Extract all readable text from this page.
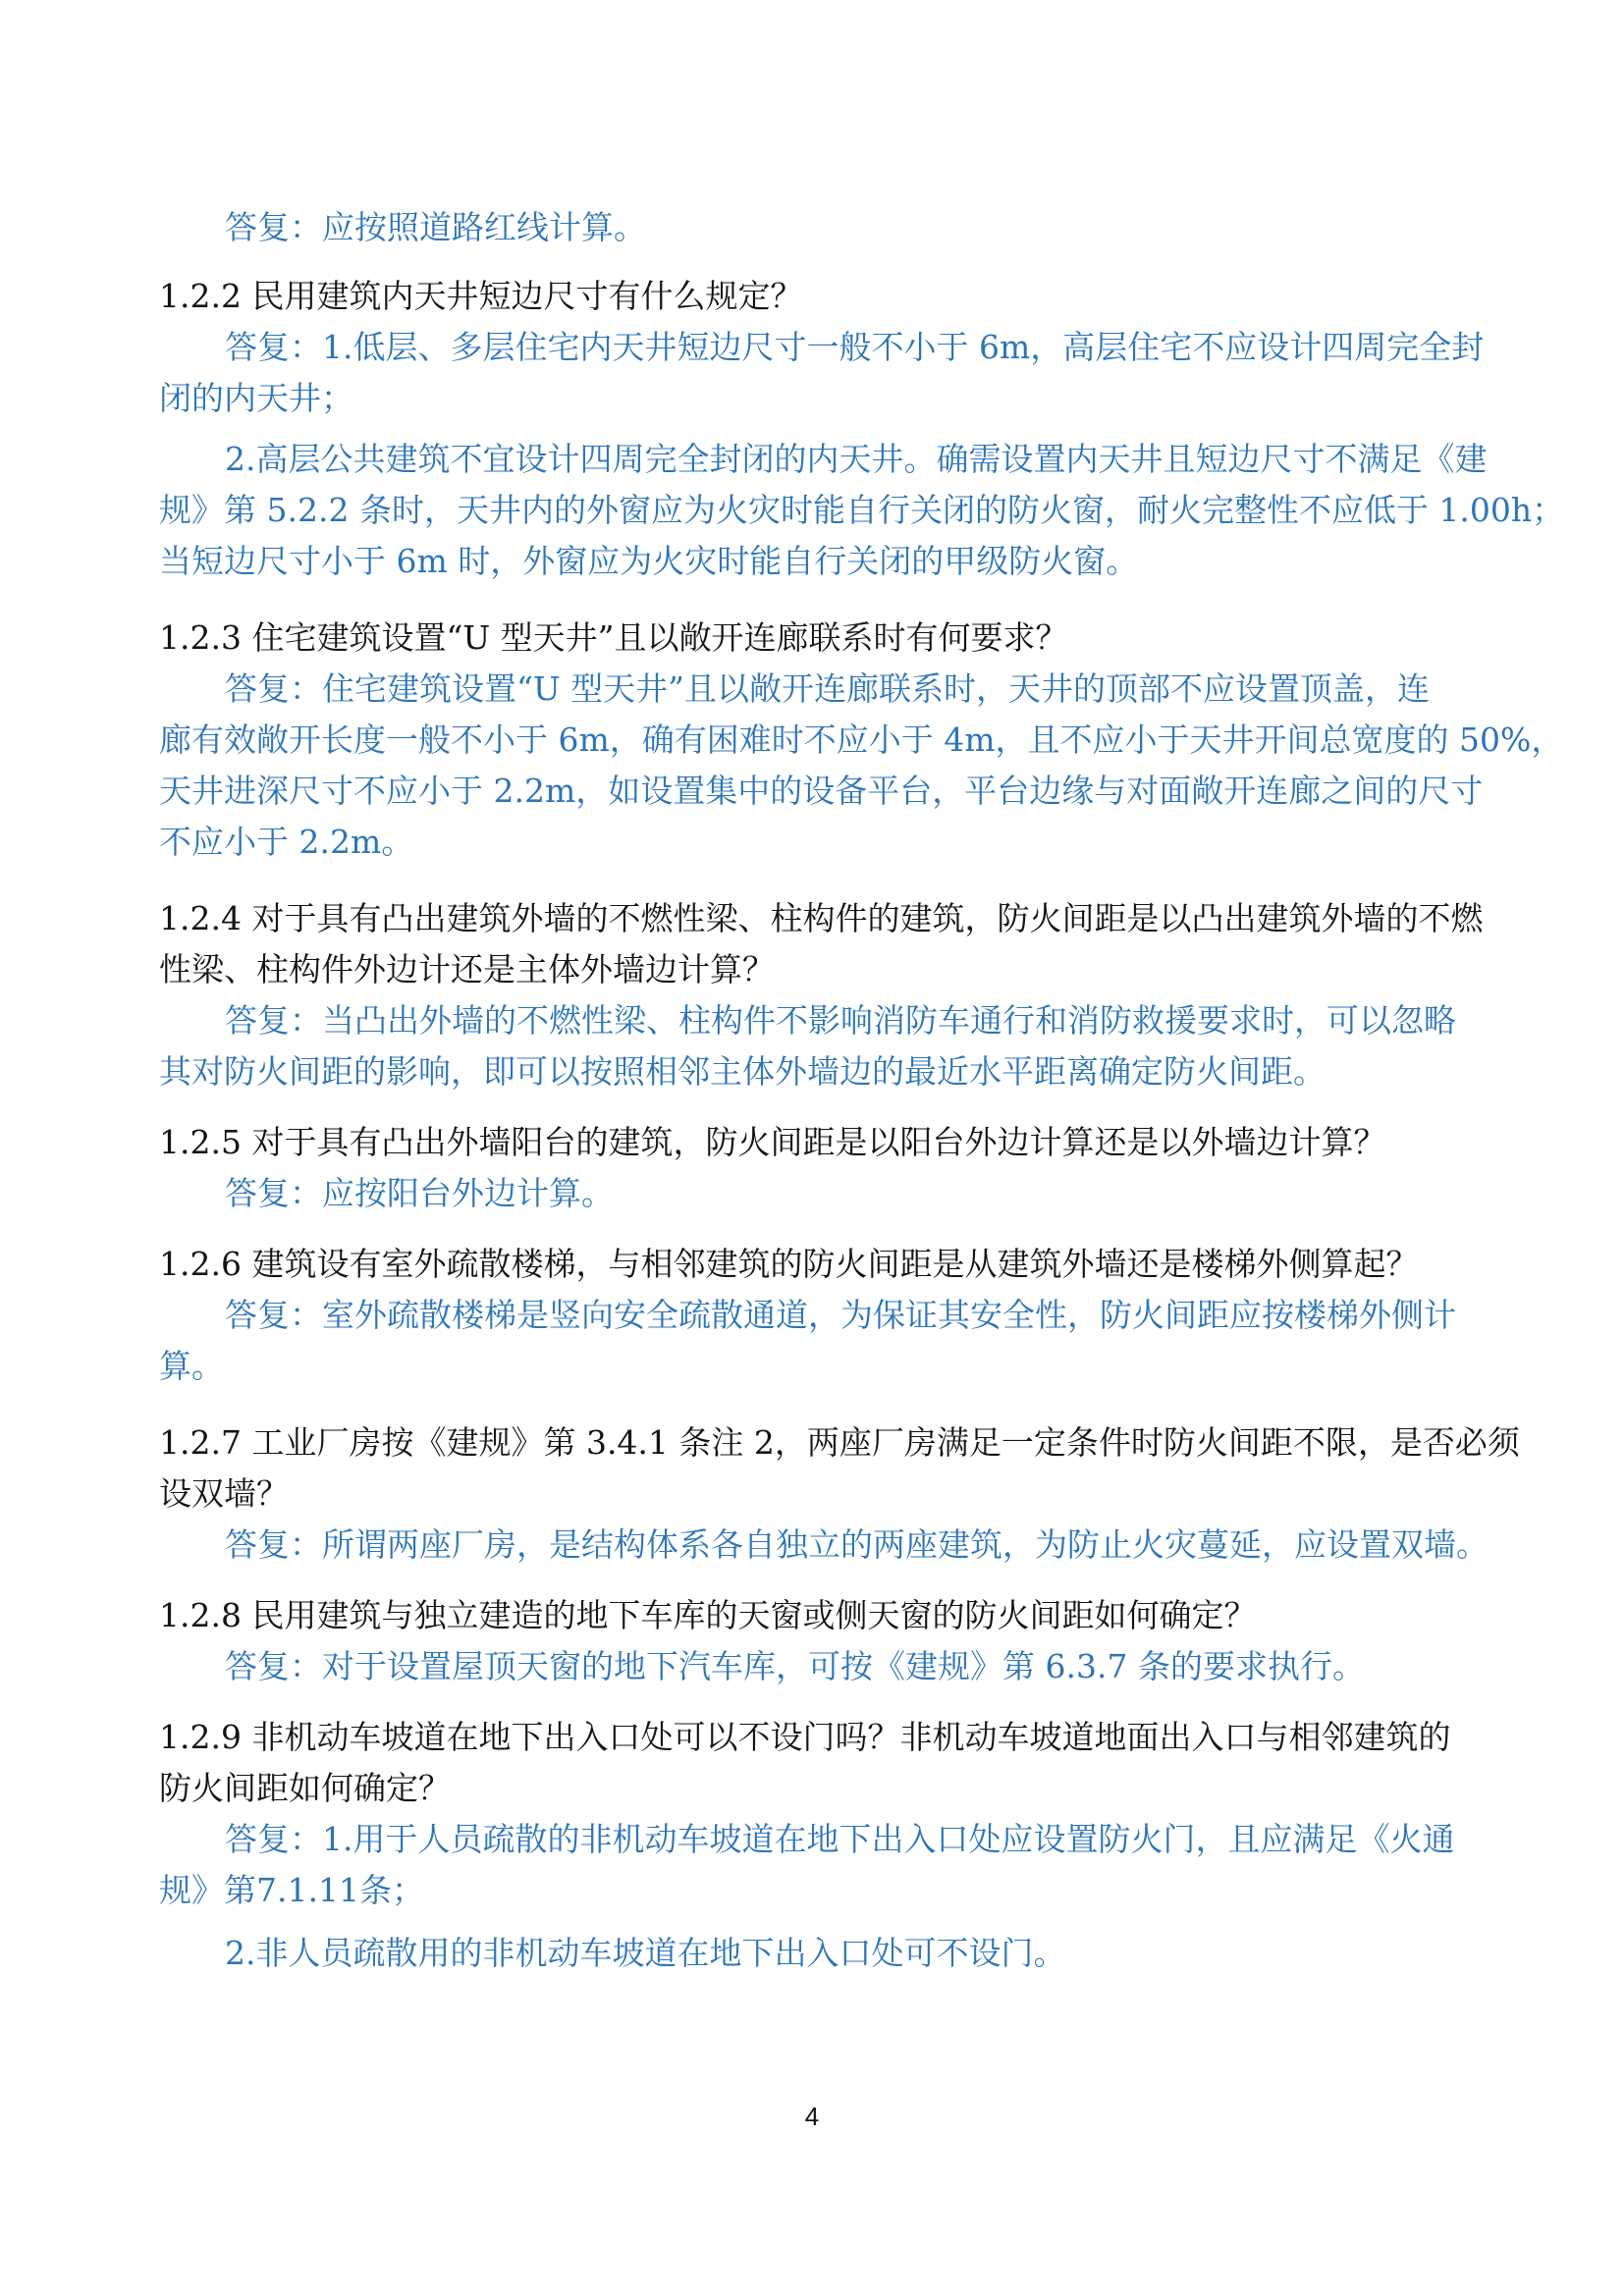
答复：应按照道路红线计算。

1.2.2 民用建筑内天井短边尺寸有什么规定？

答复：1.低层、多层住宅内天井短边尺寸一般不小于 6m，高层住宅不应设计四周完全封

闭的内天井；

2.高层公共建筑不宜设计四周完全封闭的内天井。确需设置内天井且短边尺寸不满足《建

规》第 5.2.2 条时，天井内的外窗应为火灾时能自行关闭的防火窗，耐火完整性不应低于 1.00h；

当短边尺寸小于 6m 时，外窗应为火灾时能自行关闭的甲级防火窗。

1.2.3 住宅建筑设置“U 型天井”且以敞开连廊联系时有何要求？

答复：住宅建筑设置“U 型天井”且以敞开连廊联系时，天井的顶部不应设置顶盖，连

廊有效敞开长度一般不小于 6m，确有困难时不应小于 4m，且不应小于天井开间总宽度的 50%，

天井进深尺寸不应小于 2.2m，如设置集中的设备平台，平台边缘与对面敞开连廊之间的尺寸

不应小于 2.2m。

1.2.4 对于具有凸出建筑外墙的不燃性梁、柱构件的建筑，防火间距是以凸出建筑外墙的不燃

性梁、柱构件外边计还是主体外墙边计算？

答复：当凸出外墙的不燃性梁、柱构件不影响消防车通行和消防救援要求时，可以忽略

其对防火间距的影响，即可以按照相邻主体外墙边的最近水平距离确定防火间距。

1.2.5 对于具有凸出外墙阳台的建筑，防火间距是以阳台外边计算还是以外墙边计算？

答复：应按阳台外边计算。

1.2.6 建筑设有室外疏散楼梯，与相邻建筑的防火间距是从建筑外墙还是楼梯外侧算起？

答复：室外疏散楼梯是竖向安全疏散通道，为保证其安全性，防火间距应按楼梯外侧计

算。

1.2.7 工业厂房按《建规》第 3.4.1 条注 2，两座厂房满足一定条件时防火间距不限，是否必须

设双墙？

答复：所谓两座厂房，是结构体系各自独立的两座建筑，为防止火灾蔓延，应设置双墙。

1.2.8 民用建筑与独立建造的地下车库的天窗或侧天窗的防火间距如何确定？

答复：对于设置屋顶天窗的地下汽车库，可按《建规》第 6.3.7 条的要求执行。

1.2.9 非机动车坡道在地下出入口处可以不设门吗？非机动车坡道地面出入口与相邻建筑的

防火间距如何确定？

答复：1.用于人员疏散的非机动车坡道在地下出入口处应设置防火门，且应满足《火通

规》第7.1.11条；

2.非人员疏散用的非机动车坡道在地下出入口处可不设门。

4
